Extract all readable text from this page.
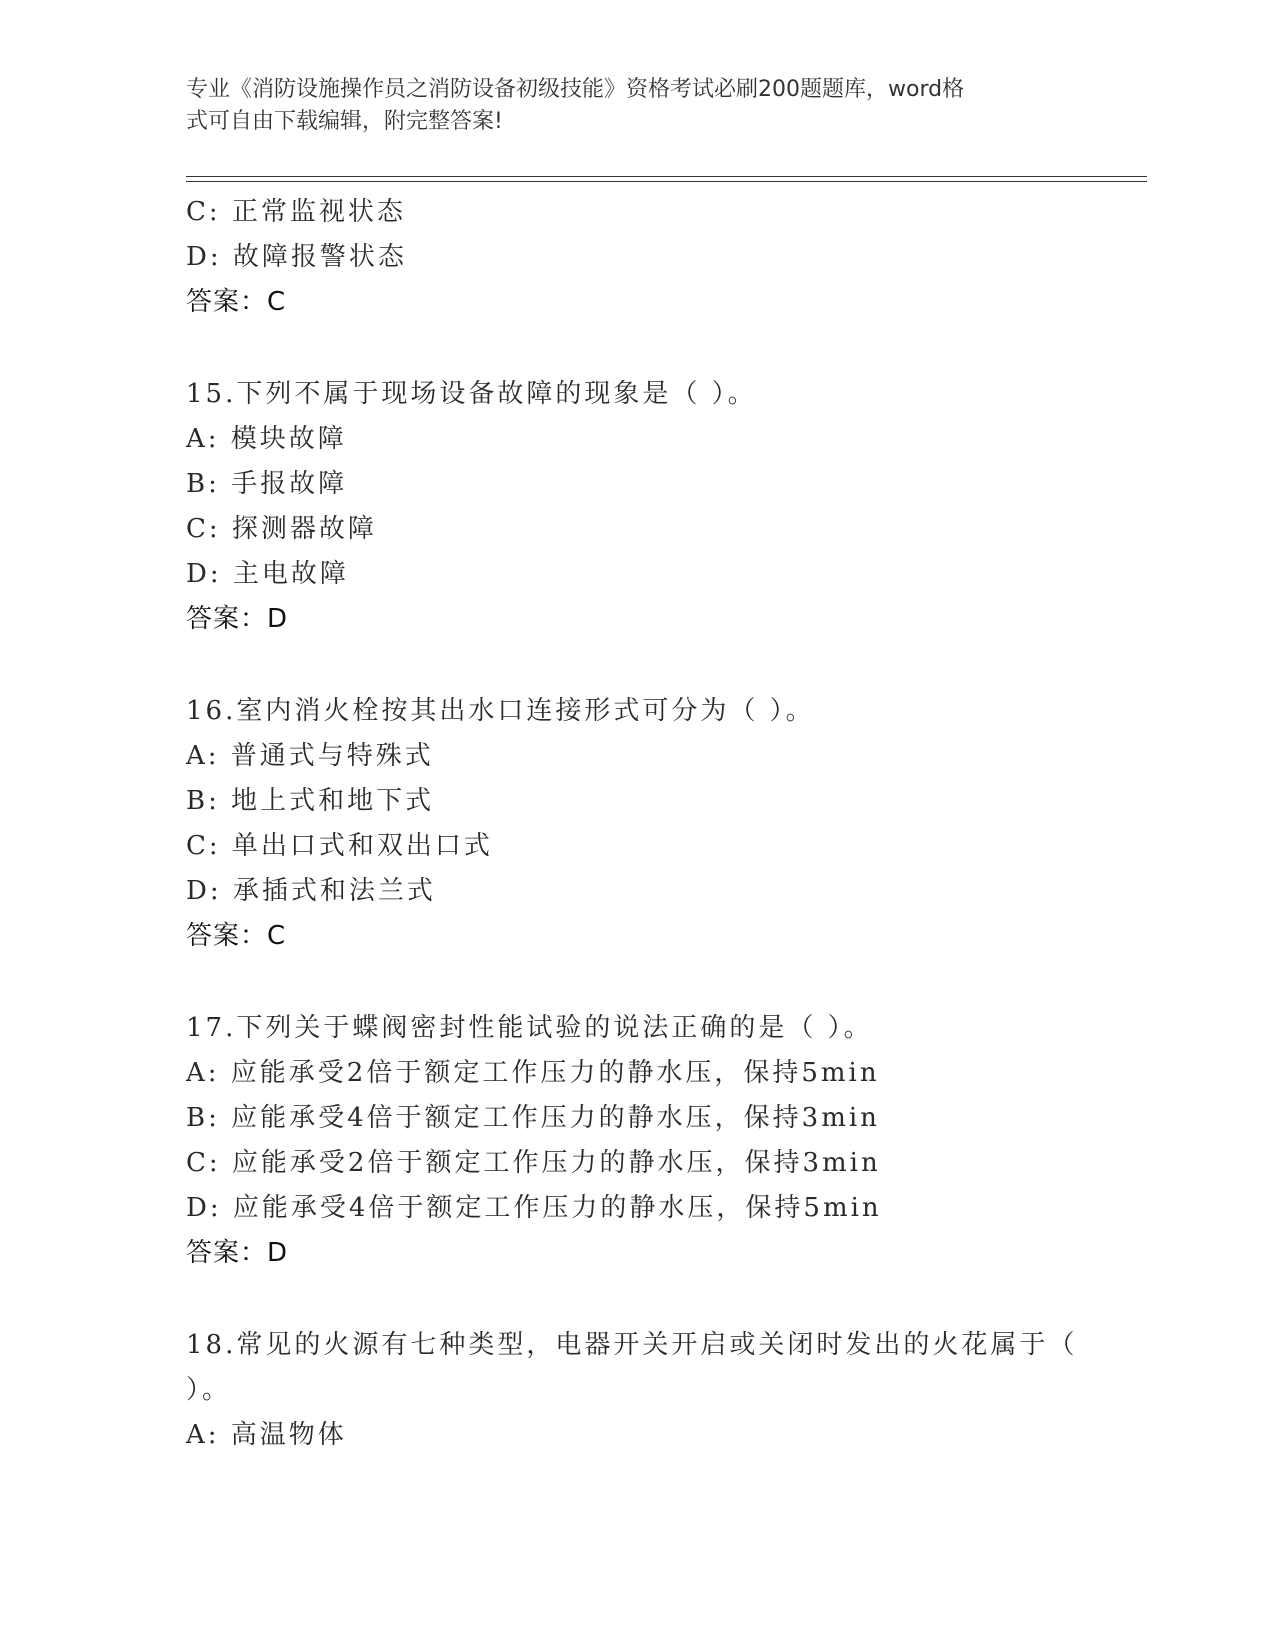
专业《消防设施操作员之消防设备初级技能》资格考试必刷200题题库，word格
式可自由下载编辑，附完整答案!
C: 正常监视状态
D: 故障报警状态
答案：C
15.下列不属于现场设备故障的现象是（ ）。
A: 模块故障
B: 手报故障
C: 探测器故障
D: 主电故障
答案：D
16.室内消火栓按其出水口连接形式可分为（ ）。
A: 普通式与特殊式
B: 地上式和地下式
C: 单出口式和双出口式
D: 承插式和法兰式
答案：C
17.下列关于蝶阀密封性能试验的说法正确的是（ ）。
A: 应能承受2倍于额定工作压力的静水压，保持5min
B: 应能承受4倍于额定工作压力的静水压，保持3min
C: 应能承受2倍于额定工作压力的静水压，保持3min
D: 应能承受4倍于额定工作压力的静水压，保持5min
答案：D
18.常见的火源有七种类型，电器开关开启或关闭时发出的火花属于（
）。
A: 高温物体
